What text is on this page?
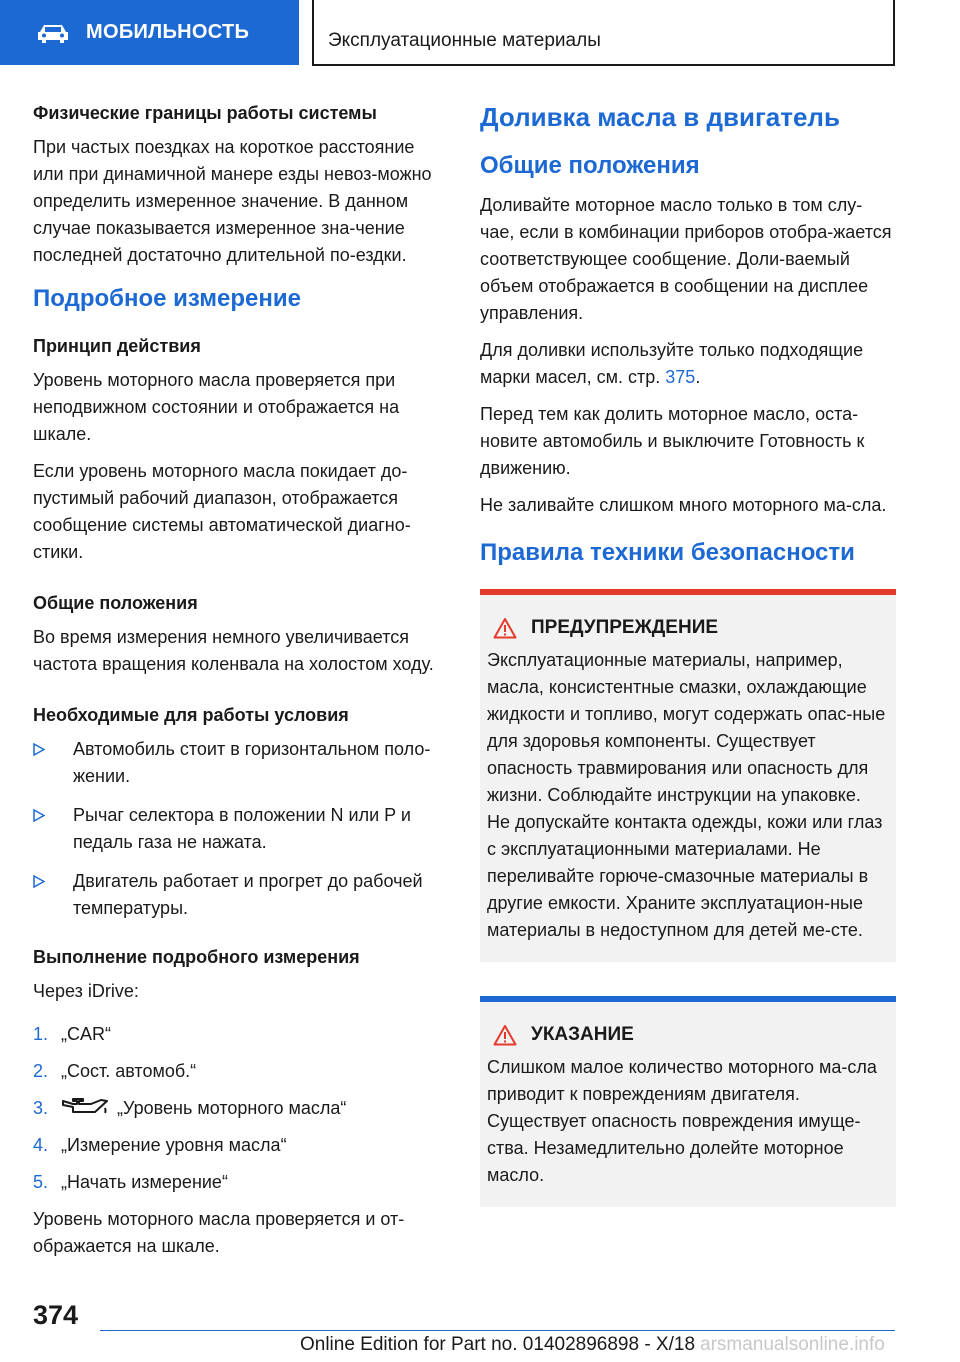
МОБИЛЬНОСТЬ	Эксплуатационные материалы
Физические границы работы системы
При частых поездках на короткое расстояние или при динамичной манере езды невоз-можно определить измеренное значение. В данном случае показывается измеренное зна-чение последней достаточно длительной по-ездки.
Подробное измерение
Принцип действия
Уровень моторного масла проверяется при неподвижном состоянии и отображается на шкале.
Если уровень моторного масла покидает до-пустимый рабочий диапазон, отображается сообщение системы автоматической диагно-стики.
Общие положения
Во время измерения немного увеличивается частота вращения коленвала на холостом ходу.
Необходимые для работы условия
Автомобиль стоит в горизонтальном поло-жении.
Рычаг селектора в положении N или P и педаль газа не нажата.
Двигатель работает и прогрет до рабочей температуры.
Выполнение подробного измерения
Через iDrive:
1. „CAR“
2. „Сост. автомоб.“
3.	„Уровень моторного масла“
4. „Измерение уровня масла“
5. „Начать измерение“
Уровень моторного масла проверяется и от-ображается на шкале.
Доливка масла в двигатель
Общие положения
Доливайте моторное масло только в том слу-чае, если в комбинации приборов отобра-жается соответствующее сообщение. Доли-ваемый объем отображается в сообщении на дисплее управления.
Для доливки используйте только подходящие марки масел, см. стр. 375.
Перед тем как долить моторное масло, оста-новите автомобиль и выключите Готовность к движению.
Не заливайте слишком много моторного ма-сла.
Правила техники безопасности
ПРЕДУПРЕЖДЕНИЕ
Эксплуатационные материалы, например, масла, консистентные смазки, охлаждающие жидкости и топливо, могут содержать опас-ные для здоровья компоненты. Существует опасность травмирования или опасность для жизни. Соблюдайте инструкции на упаковке. Не допускайте контакта одежды, кожи или глаз с эксплуатационными материалами. Не переливайте горюче-смазочные материалы в другие емкости. Храните эксплуатацион-ные материалы в недоступном для детей ме-сте.
УКАЗАНИЕ
Слишком малое количество моторного ма-сла приводит к повреждениям двигателя. Существует опасность повреждения имуще-ства. Незамедлительно долейте моторное масло.
374
Online Edition for Part no. 01402896898 - X/18 arsmanualsonline.info
